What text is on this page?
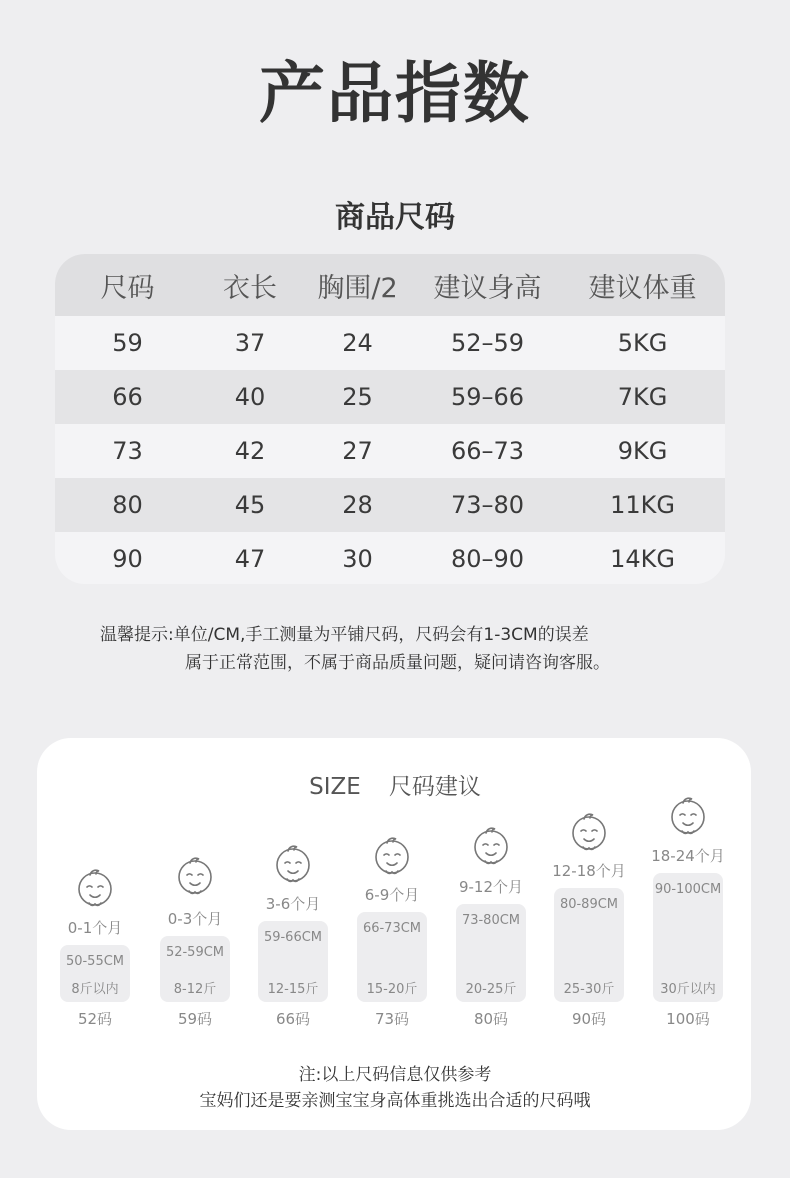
产品指数
商品尺码
尺码	衣长	胸围/2	建议身高	建议体重
59	37	24	52–59	5KG
66	40	25	59–66	7KG
73	42	27	66–73	9KG
80	45	28	73–80	11KG
90	47	30	80–90	14KG
温馨提示:单位/CM,手工测量为平铺尺码，尺码会有1-3CM的误差
属于正常范围，不属于商品质量问题，疑问请咨询客服。
SIZE 尺码建议
0-1个月
50-55CM
8斤以内
52码
0-3个月
52-59CM
8-12斤
59码
3-6个月
59-66CM
12-15斤
66码
6-9个月
66-73CM
15-20斤
73码
9-12个月
73-80CM
20-25斤
80码
12-18个月
80-89CM
25-30斤
90码
18-24个月
90-100CM
30斤以内
100码
注:以上尺码信息仅供参考
宝妈们还是要亲测宝宝身高体重挑选出合适的尺码哦
